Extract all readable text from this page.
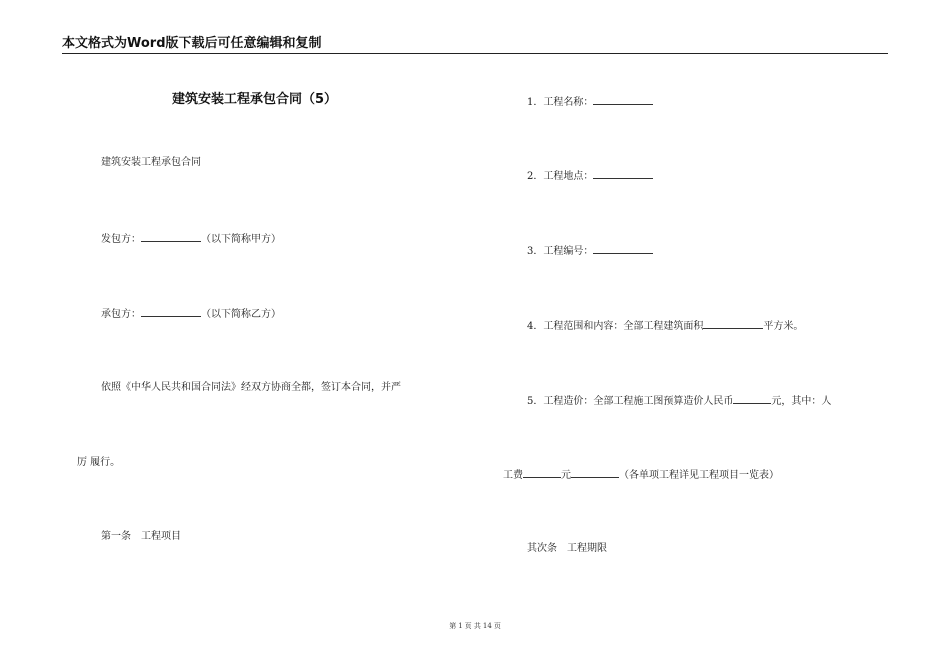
本文格式为Word版下载后可任意编辑和复制
建筑安装工程承包合同（5）
建筑安装工程承包合同
发包方：	（以下简称甲方）
承包方：	（以下简称乙方）
依照《中华人民共和国合同法》经双方协商全都，签订本合同，并严
厉 履行。
第一条　工程项目
1．工程名称：
2．工程地点：
3．工程编号：
4．工程范围和内容：全部工程建筑面积	平方米。
5．工程造价：全部工程施工图预算造价人民币	元，其中：人
工费	元	（各单项工程详见工程项目一览表）
其次条　工程期限
第 1 页 共 14 页
